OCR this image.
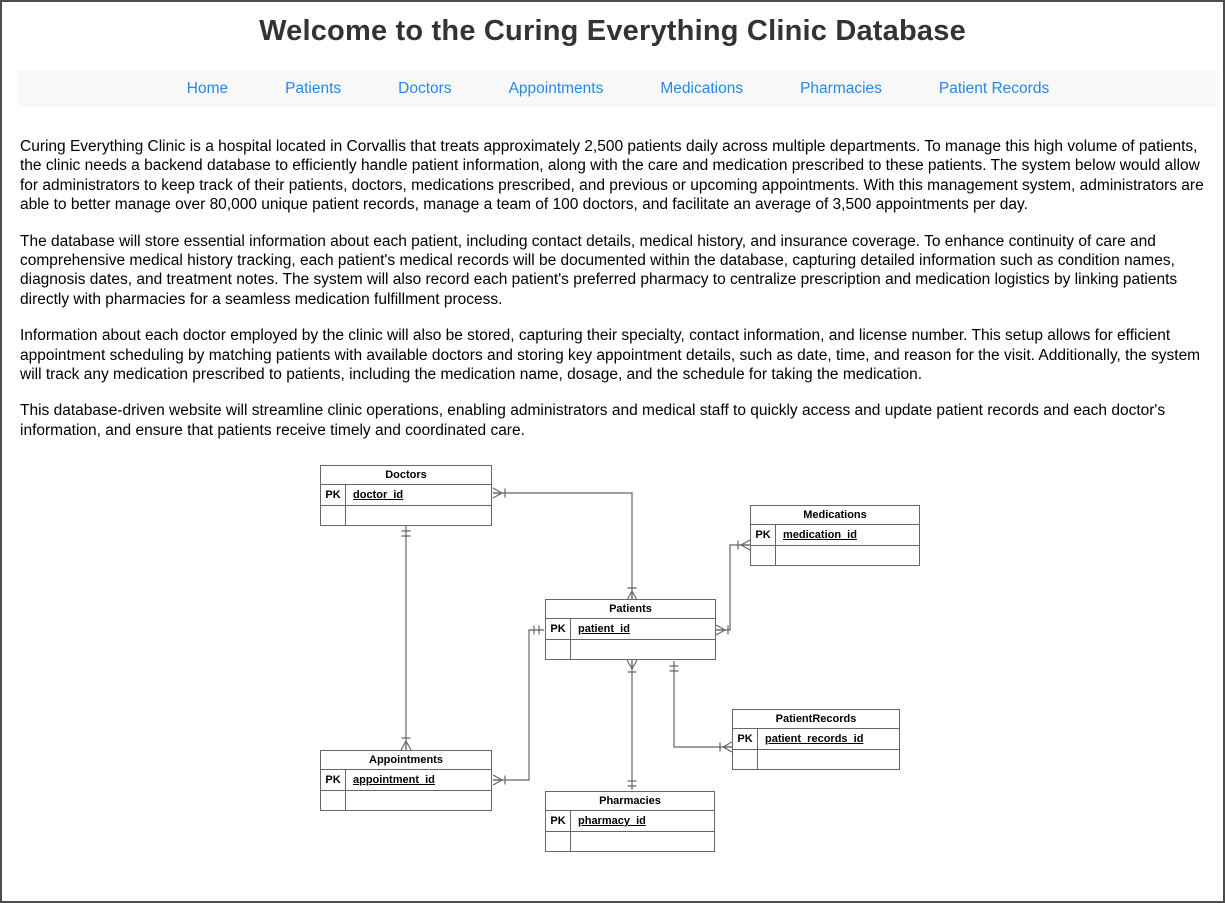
Welcome to the Curing Everything Clinic Database
Home	Patients	Doctors	Appointments	Medications	Pharmacies	Patient Records

Curing Everything Clinic is a hospital located in Corvallis that treats approximately 2,500 patients daily across multiple departments. To manage this high volume of patients, the clinic needs a backend database to efficiently handle patient information, along with the care and medication prescribed to these patients. The system below would allow for administrators to keep track of their patients, doctors, medications prescribed, and previous or upcoming appointments. With this management system, administrators are able to better manage over 80,000 unique patient records, manage a team of 100 doctors, and facilitate an average of 3,500 appointments per day.

The database will store essential information about each patient, including contact details, medical history, and insurance coverage. To enhance continuity of care and comprehensive medical history tracking, each patient's medical records will be documented within the database, capturing detailed information such as condition names, diagnosis dates, and treatment notes. The system will also record each patient's preferred pharmacy to centralize prescription and medication logistics by linking patients directly with pharmacies for a seamless medication fulfillment process.

Information about each doctor employed by the clinic will also be stored, capturing their specialty, contact information, and license number. This setup allows for efficient appointment scheduling by matching patients with available doctors and storing key appointment details, such as date, time, and reason for the visit. Additionally, the system will track any medication prescribed to patients, including the medication name, dosage, and the schedule for taking the medication.

This database-driven website will streamline clinic operations, enabling administrators and medical staff to quickly access and update patient records and each doctor's information, and ensure that patients receive timely and coordinated care.

Doctors
PK	doctor_id
Medications
PK	medication_id
Patients
PK	patient_id
PatientRecords
PK	patient_records_id
Appointments
PK	appointment_id
Pharmacies
PK	pharmacy_id
